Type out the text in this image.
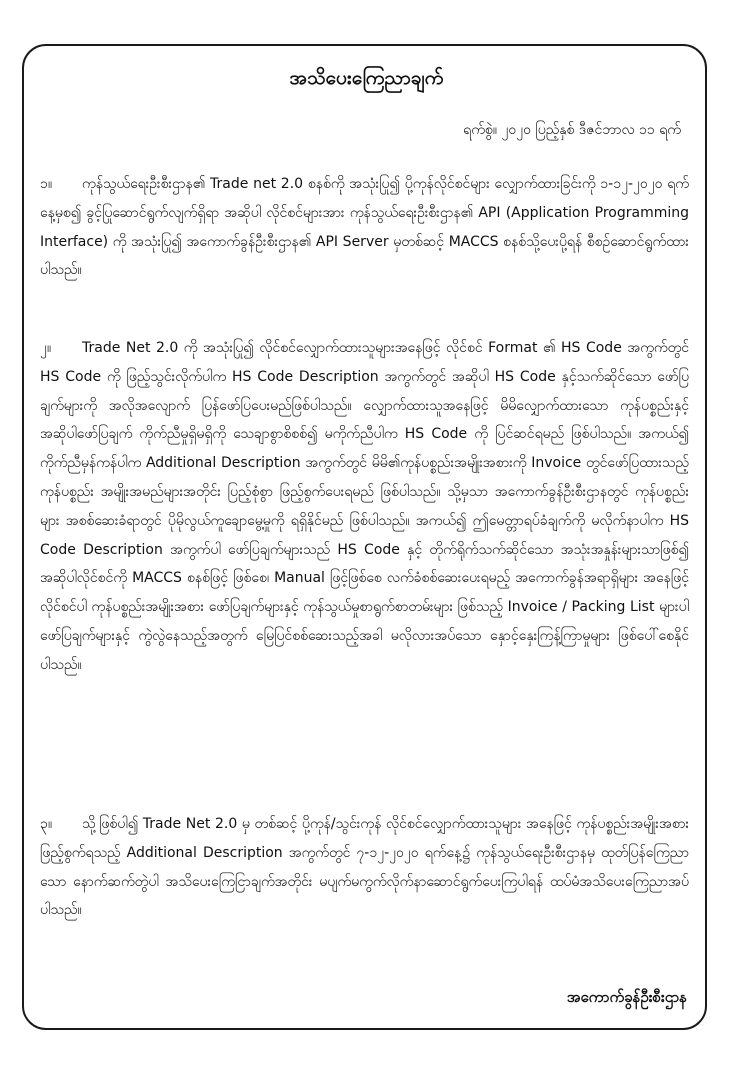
အသိပေးကြေညာချက်
ရက်စွဲ။ ၂၀၂၀ ပြည့်နှစ် ဒီဇင်ဘာလ ၁၁ ရက်

၁။ ကုန်သွယ်ရေးဦးစီးဌာန၏ Trade net 2.0 စနစ်ကို အသုံးပြု၍ ပို့ကုန်လိုင်စင်များ လျှောက်ထားခြင်းကို ၁-၁၂-၂၀၂၀ ရက်နေ့မှစ၍ ခွင့်ပြုဆောင်ရွက်လျက်ရှိရာ အဆိုပါ လိုင်စင်များအား ကုန်သွယ်ရေးဦးစီးဌာန၏ API (Application Programming Interface) ကို အသုံးပြု၍ အကောက်ခွန်ဦးစီးဌာန၏ API Server မှတစ်ဆင့် MACCS စနစ်သို့ပေးပို့ရန် စီစဉ်ဆောင်ရွက်ထားပါသည်။

၂။ Trade Net 2.0 ကို အသုံးပြု၍ လိုင်စင်လျှောက်ထားသူများအနေဖြင့် လိုင်စင် Format ၏ HS Code အကွက်တွင် HS Code ကို ဖြည့်သွင်းလိုက်ပါက HS Code Description အကွက်တွင် အဆိုပါ HS Code နှင့်သက်ဆိုင်သော ဖော်ပြချက်များကို အလိုအလျောက် ပြန်ဖော်ပြပေးမည်ဖြစ်ပါသည်။ လျှောက်ထားသူအနေဖြင့် မိမိလျှောက်ထားသော ကုန်ပစ္စည်းနှင့် အဆိုပါဖော်ပြချက် ကိုက်ညီမှုရှိမရှိကို သေချာစွာစိစစ်၍ မကိုက်ညီပါက HS Code ကို ပြင်ဆင်ရမည် ဖြစ်ပါသည်။ အကယ်၍ ကိုက်ညီမှန်ကန်ပါက Additional Description အကွက်တွင် မိမိ၏ကုန်ပစ္စည်းအမျိုးအစားကို Invoice တွင်ဖော်ပြထားသည့် ကုန်ပစ္စည်း အမျိုးအမည်များအတိုင်း ပြည့်စုံစွာ ဖြည့်စွက်ပေးရမည် ဖြစ်ပါသည်။ သို့မှသာ အကောက်ခွန်ဦးစီးဌာနတွင် ကုန်ပစ္စည်းများ အစစ်ဆေးခံရာတွင် ပိုမိုလွယ်ကူချောမွေ့မှုကို ရရှိနိုင်မည် ဖြစ်ပါသည်။ အကယ်၍ ဤမေတ္တာရပ်ခံချက်ကို မလိုက်နာပါက HS Code Description အကွက်ပါ ဖော်ပြချက်များသည် HS Code နှင့် တိုက်ရိုက်သက်ဆိုင်သော အသုံးအနှုန်းများသာဖြစ်၍ အဆိုပါလိုင်စင်ကို MACCS စနစ်ဖြင့် ဖြစ်စေ၊ Manual ဖြင့်ဖြစ်စေ လက်ခံစစ်ဆေးပေးရမည့် အကောက်ခွန်အရာရှိများ အနေဖြင့် လိုင်စင်ပါ ကုန်ပစ္စည်းအမျိုးအစား ဖော်ပြချက်များနှင့် ကုန်သွယ်မှုစာရွက်စာတမ်းများ ဖြစ်သည့် Invoice / Packing List များပါ ဖော်ပြချက်များနှင့် ကွဲလွဲနေသည့်အတွက် မြေပြင်စစ်ဆေးသည့်အခါ မလိုလားအပ်သော နှောင့်နှေးကြန့်ကြာမှုများ ဖြစ်ပေါ်စေနိုင်ပါသည်။

၃။ သို့ဖြစ်ပါ၍ Trade Net 2.0 မှ တစ်ဆင့် ပို့ကုန်/သွင်းကုန် လိုင်စင်လျှောက်ထားသူများ အနေဖြင့် ကုန်ပစ္စည်းအမျိုးအစား ဖြည့်စွက်ရသည့် Additional Description အကွက်တွင် ၇-၁၂-၂၀၂၀ ရက်နေ့၌ ကုန်သွယ်ရေးဦးစီးဌာနမှ ထုတ်ပြန်ကြေညာသော နောက်ဆက်တွဲပါ အသိပေးကြေငြာချက်အတိုင်း မပျက်မကွက်လိုက်နာဆောင်ရွက်ပေးကြပါရန် ထပ်မံအသိပေးကြေညာအပ်ပါသည်။

အကောက်ခွန်ဦးစီးဌာန
